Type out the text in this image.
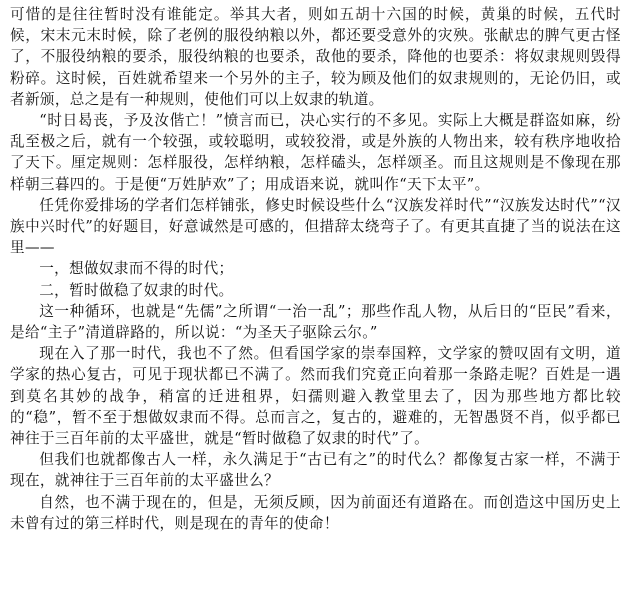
可惜的是往往暂时没有谁能定。举其大者，则如五胡十六国的时候，黄巢的时候，五代时候，宋末元末时候，除了老例的服役纳粮以外，都还要受意外的灾殃。张献忠的脾气更古怪了，不服役纳粮的要杀，服役纳粮的也要杀，敌他的要杀，降他的也要杀：将奴隶规则毁得粉碎。这时候，百姓就希望来一个另外的主子，较为顾及他们的奴隶规则的，无论仍旧，或者新颁，总之是有一种规则，使他们可以上奴隶的轨道。

“时日曷丧，予及汝偕亡！”愤言而已，决心实行的不多见。实际上大概是群盗如麻，纷乱至极之后，就有一个较强，或较聪明，或较狡滑，或是外族的人物出来，较有秩序地收拾了天下。厘定规则：怎样服役，怎样纳粮，怎样磕头，怎样颂圣。而且这规则是不像现在那样朝三暮四的。于是便“万姓胪欢”了；用成语来说，就叫作“天下太平”。

任凭你爱排场的学者们怎样铺张，修史时候设些什么“汉族发祥时代”“汉族发达时代”“汉族中兴时代”的好题目，好意诚然是可感的，但措辞太绕弯子了。有更其直捷了当的说法在这里——

一，想做奴隶而不得的时代；

二，暂时做稳了奴隶的时代。

这一种循环，也就是“先儒”之所谓“一治一乱”；那些作乱人物，从后日的“臣民”看来，是给“主子”清道辟路的，所以说：“为圣天子驱除云尔。”

现在入了那一时代，我也不了然。但看国学家的崇奉国粹，文学家的赞叹固有文明，道学家的热心复古，可见于现状都已不满了。然而我们究竟正向着那一条路走呢？百姓是一遇到莫名其妙的战争，稍富的迁进租界，妇孺则避入教堂里去了，因为那些地方都比较的“稳”，暂不至于想做奴隶而不得。总而言之，复古的，避难的，无智愚贤不肖，似乎都已神往于三百年前的太平盛世，就是“暂时做稳了奴隶的时代”了。

但我们也就都像古人一样，永久满足于“古已有之”的时代么？都像复古家一样，不满于现在，就神往于三百年前的太平盛世么？

自然，也不满于现在的，但是，无须反顾，因为前面还有道路在。而创造这中国历史上未曾有过的第三样时代，则是现在的青年的使命！
